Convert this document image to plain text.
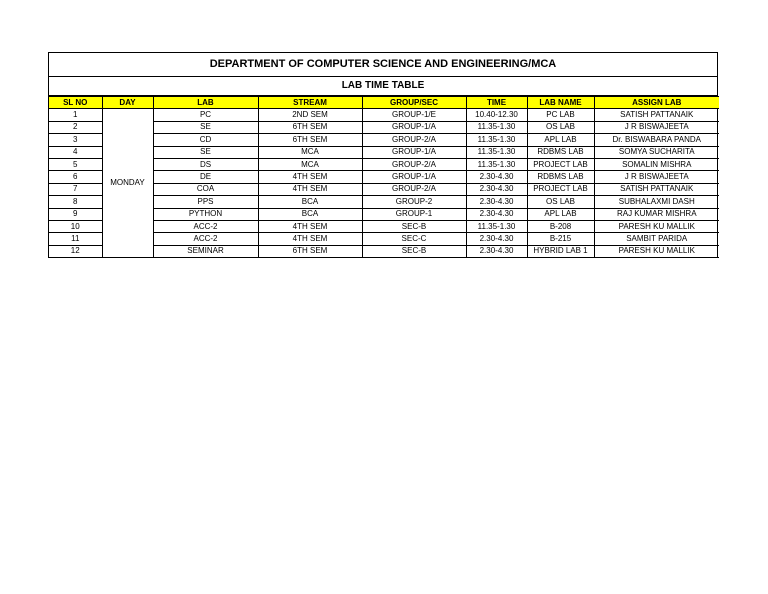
DEPARTMENT OF COMPUTER SCIENCE AND ENGINEERING/MCA
LAB TIME TABLE
SL NO	DAY	LAB	STREAM	GROUP/SEC	TIME	LAB NAME	ASSIGN LAB
1	MONDAY	PC	2ND SEM	GROUP-1/E	10.40-12.30	PC LAB	SATISH PATTANAIK
2		SE	6TH SEM	GROUP-1/A	11.35-1.30	OS LAB	J R BISWAJEETA
3		CD	6TH SEM	GROUP-2/A	11.35-1.30	APL LAB	Dr. BISWABARA PANDA
4		SE	MCA	GROUP-1/A	11.35-1.30	RDBMS LAB	SOMYA SUCHARITA
5		DS	MCA	GROUP-2/A	11.35-1.30	PROJECT LAB	SOMALIN MISHRA
6		DE	4TH SEM	GROUP-1/A	2.30-4.30	RDBMS LAB	J R BISWAJEETA
7		COA	4TH SEM	GROUP-2/A	2.30-4.30	PROJECT LAB	SATISH PATTANAIK
8		PPS	BCA	GROUP-2	2.30-4.30	OS LAB	SUBHALAXMI DASH
9		PYTHON	BCA	GROUP-1	2.30-4.30	APL LAB	RAJ KUMAR MISHRA
10		ACC-2	4TH SEM	SEC-B	11.35-1.30	B-208	PARESH KU MALLIK
11		ACC-2	4TH SEM	SEC-C	2.30-4.30	B-215	SAMBIT PARIDA
12		SEMINAR	6TH SEM	SEC-B	2.30-4.30	HYBRID LAB 1	PARESH KU MALLIK
